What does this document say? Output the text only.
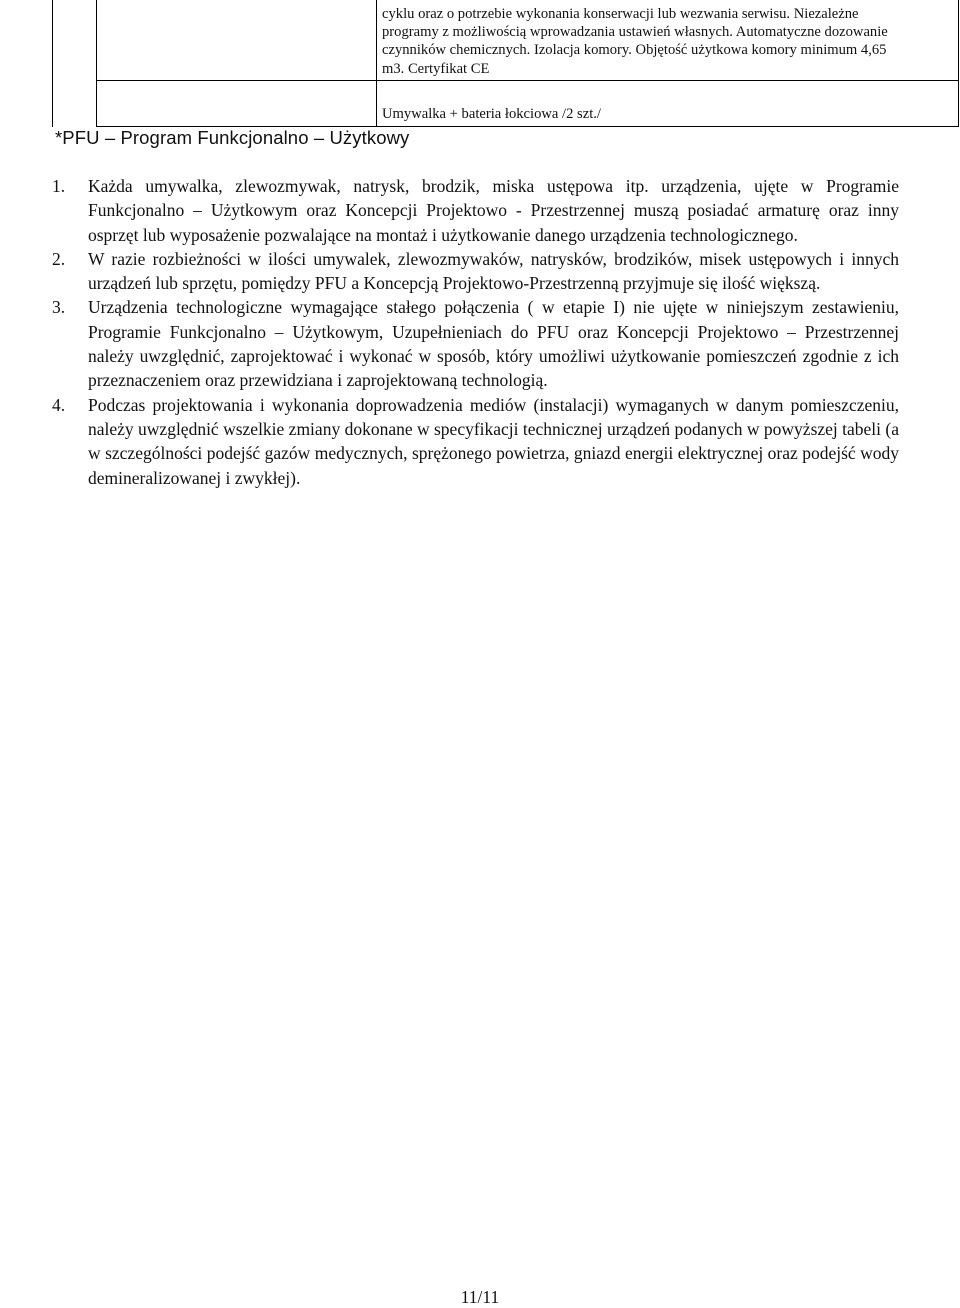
cyklu oraz o potrzebie wykonania konserwacji lub wezwania serwisu. Niezależne
programy z możliwością wprowadzania ustawień własnych. Automatyczne dozowanie
czynników chemicznych. Izolacja komory. Objętość użytkowa komory minimum 4,65
m3. Certyfikat CE
Umywalka + bateria łokciowa /2 szt./
*PFU – Program Funkcjonalno – Użytkowy
1. Każda umywalka, zlewozmywak, natrysk, brodzik, miska ustępowa itp. urządzenia, ujęte w Programie Funkcjonalno – Użytkowym oraz Koncepcji Projektowo - Przestrzennej muszą posiadać armaturę oraz inny osprzęt lub wyposażenie pozwalające na montaż i użytkowanie danego urządzenia technologicznego.
2. W razie rozbieżności w ilości umywalek, zlewozmywaków, natrysków, brodzików, misek ustępowych i innych urządzeń lub sprzętu, pomiędzy PFU a Koncepcją Projektowo-Przestrzenną przyjmuje się ilość większą.
3. Urządzenia technologiczne wymagające stałego połączenia ( w etapie I) nie ujęte w niniejszym zestawieniu, Programie Funkcjonalno – Użytkowym, Uzupełnieniach do PFU oraz Koncepcji Projektowo – Przestrzennej należy uwzględnić, zaprojektować i wykonać w sposób, który umożliwi użytkowanie pomieszczeń zgodnie z ich przeznaczeniem oraz przewidziana i zaprojektowaną technologią.
4. Podczas projektowania i wykonania doprowadzenia mediów (instalacji) wymaganych w danym pomieszczeniu, należy uwzględnić wszelkie zmiany dokonane w specyfikacji technicznej urządzeń podanych w powyższej tabeli (a w szczególności podejść gazów medycznych, sprężonego powietrza, gniazd energii elektrycznej oraz podejść wody demineralizowanej i zwykłej).
11/11
